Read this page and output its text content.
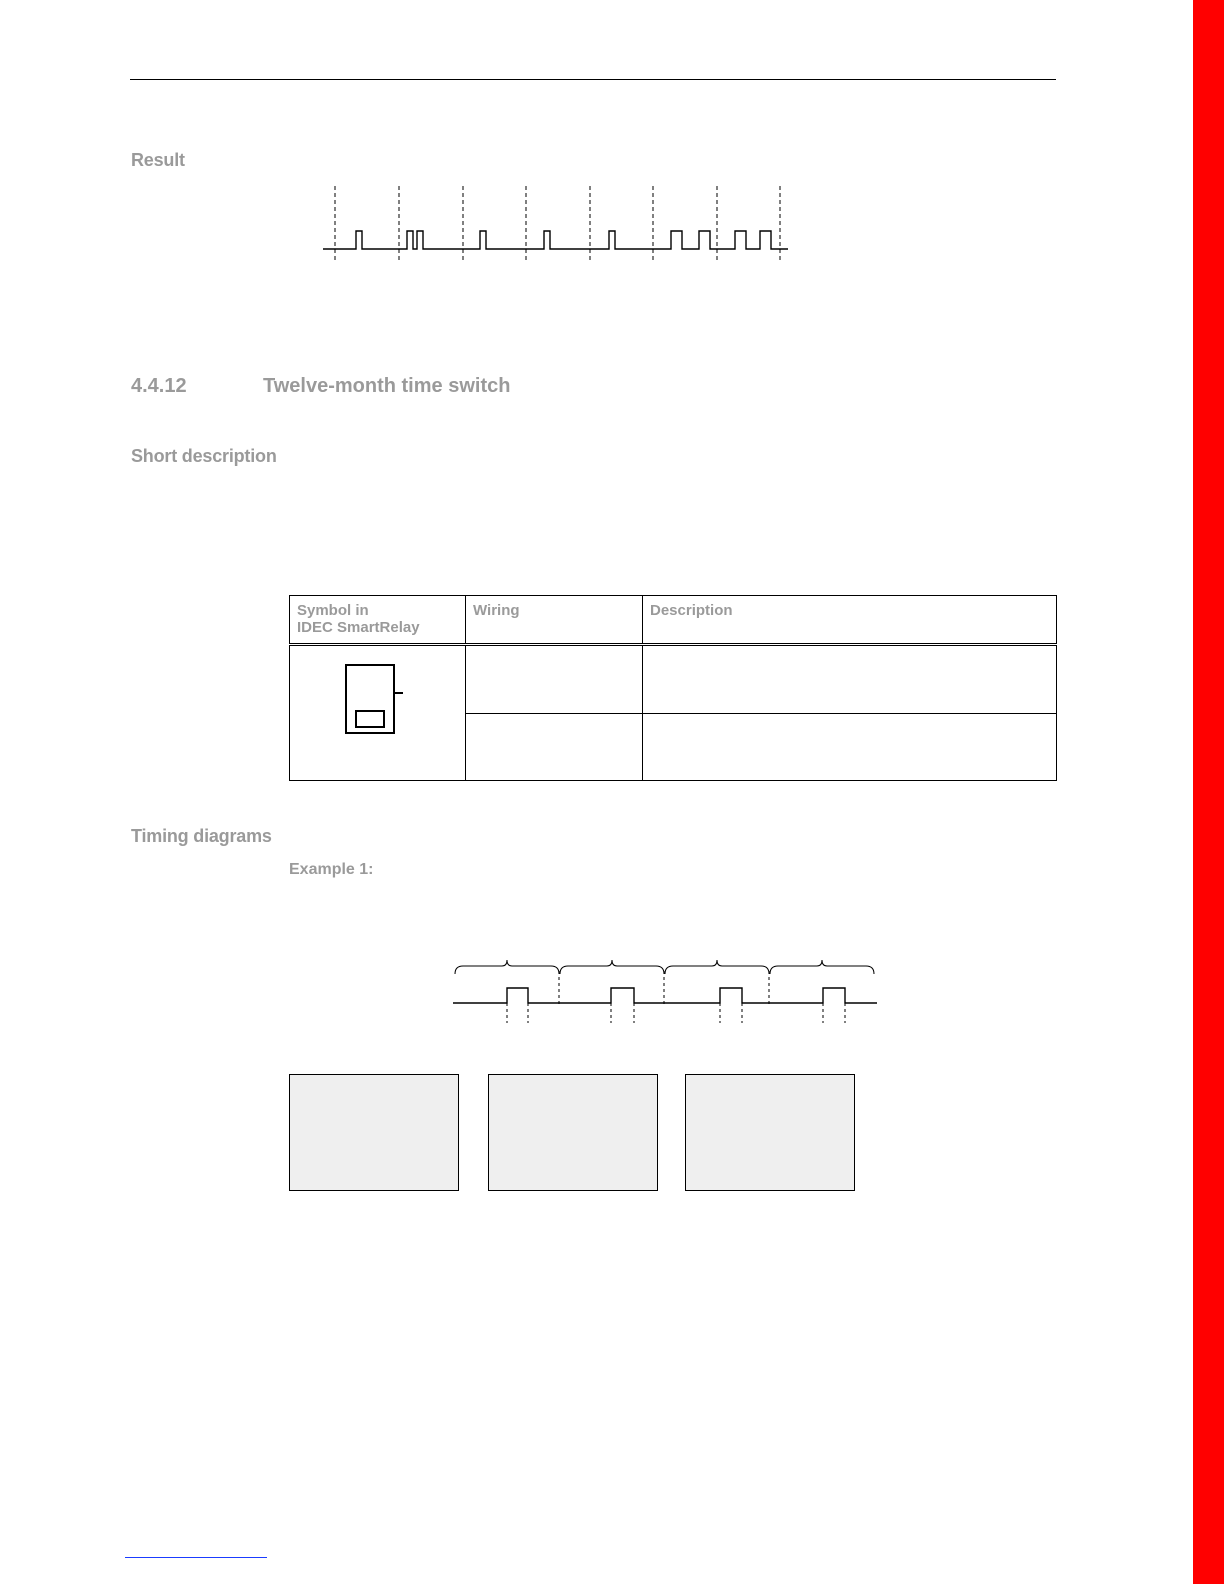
Result
4.4.12	Twelve-month time switch
Short description
Symbol in
IDEC SmartRelay	Wiring	Description

Timing diagrams
Example 1:
